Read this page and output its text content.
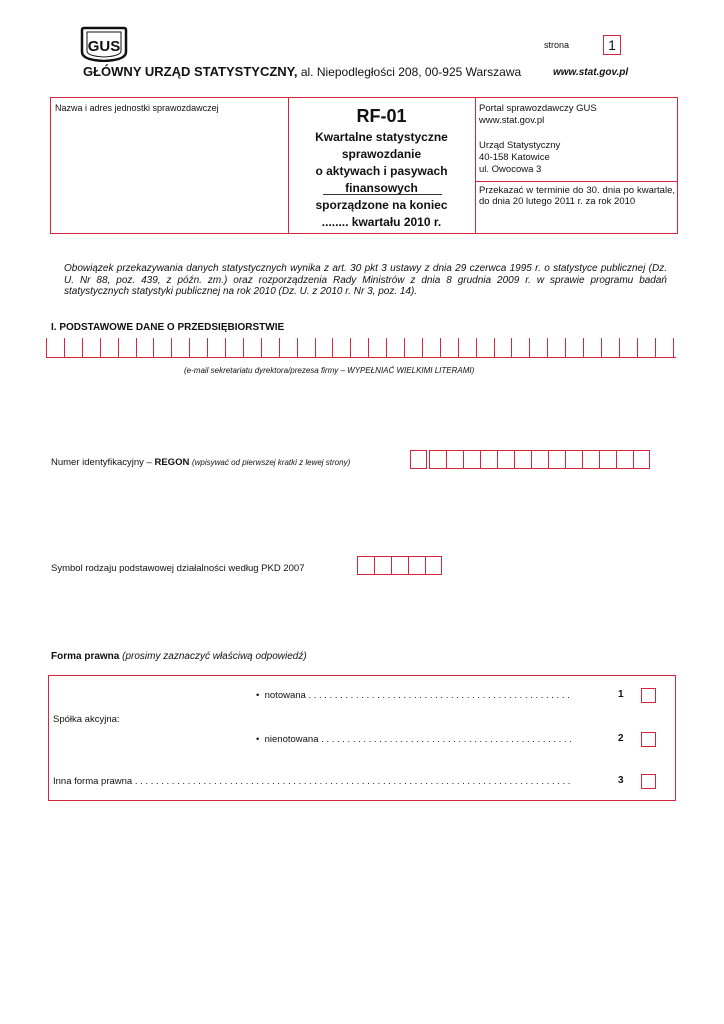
GUS	strona	1
GŁÓWNY URZĄD STATYSTYCZNY, al. Niepodległości 208, 00-925 Warszawa	www.stat.gov.pl
Nazwa i adres jednostki sprawozdawczej	RF-01
Kwartalne statystyczne
sprawozdanie
o aktywach i pasywach
finansowych
sporządzone na koniec
........ kwartału 2010 r.
Portal sprawozdawczy GUS
www.stat.gov.pl
Urząd Statystyczny
40-158 Katowice
ul. Owocowa 3
Przekazać w terminie do 30. dnia po kwartale, do dnia 20 lutego 2011 r. za rok 2010
Obowiązek przekazywania danych statystycznych wynika z art. 30 pkt 3 ustawy z dnia 29 czerwca 1995 r. o statystyce publicznej (Dz. U. Nr 88, poz. 439, z późn. zm.) oraz rozporządzenia Rady Ministrów z dnia 8 grudnia 2009 r. w sprawie programu badań statystycznych statystyki publicznej na rok 2010 (Dz. U. z 2010 r. Nr 3, poz. 14).
I. PODSTAWOWE DANE O PRZEDSIĘBIORSTWIE
(e-mail sekretariatu dyrektora/prezesa firmy – WYPEŁNIAĆ WIELKIMI LITERAMI)
Numer identyfikacyjny – REGON (wpisywać od pierwszej kratki z lewej strony)
Symbol rodzaju podstawowej działalności według PKD 2007
Forma prawna (prosimy zaznaczyć właściwą odpowiedź)
Spółka akcyjna:
• notowana . . . . . . . . . . . . . . . . . . . . . . . . . . . . . . . . . . . . . . . . . . . . . . . . . .	1
• nienotowana . . . . . . . . . . . . . . . . . . . . . . . . . . . . . . . . . . . . . . . . . . . . . . . .	2
Inna forma prawna . . . . . . . . . . . . . . . . . . . . . . . . . . . . . . . . . . . . . . . . . . . . . . . . . . . . . . . . . . . . . . . . . . . . . . . . . . . . . . . . . . .	3
